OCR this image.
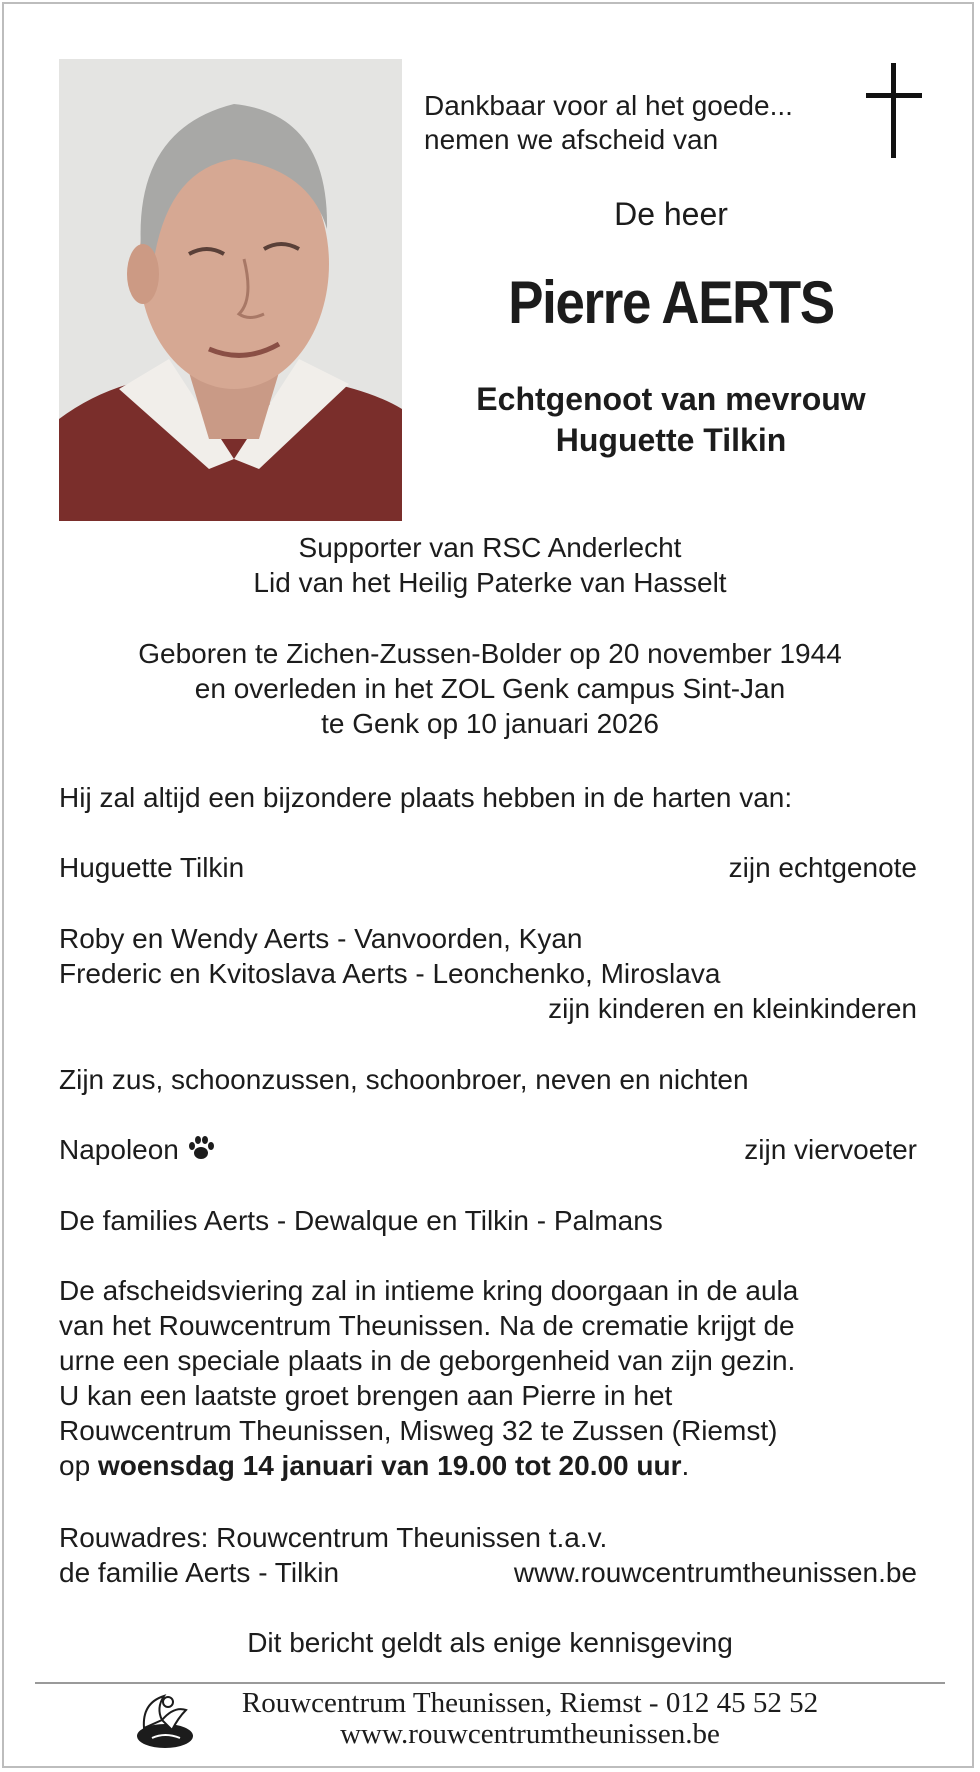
Dankbaar voor al het goede...
nemen we afscheid van
De heer
Pierre AERTS
Echtgenoot van mevrouw
Huguette Tilkin
Supporter van RSC Anderlecht
Lid van het Heilig Paterke van Hasselt
Geboren te Zichen-Zussen-Bolder op 20 november 1944
en overleden in het ZOL Genk campus Sint-Jan
te Genk op 10 januari 2026
Hij zal altijd een bijzondere plaats hebben in de harten van:
Huguette Tilkin	zijn echtgenote
Roby en Wendy Aerts - Vanvoorden, Kyan
Frederic en Kvitoslava Aerts - Leonchenko, Miroslava
zijn kinderen en kleinkinderen
Zijn zus, schoonzussen, schoonbroer, neven en nichten
Napoleon	zijn viervoeter
De families Aerts - Dewalque en Tilkin - Palmans
De afscheidsviering zal in intieme kring doorgaan in de aula
van het Rouwcentrum Theunissen. Na de crematie krijgt de
urne een speciale plaats in de geborgenheid van zijn gezin.
U kan een laatste groet brengen aan Pierre in het
Rouwcentrum Theunissen, Misweg 32 te Zussen (Riemst)
op woensdag 14 januari van 19.00 tot 20.00 uur.
Rouwadres: Rouwcentrum Theunissen t.a.v.
de familie Aerts - Tilkin	www.rouwcentrumtheunissen.be
Dit bericht geldt als enige kennisgeving
Rouwcentrum Theunissen, Riemst - 012 45 52 52
www.rouwcentrumtheunissen.be
